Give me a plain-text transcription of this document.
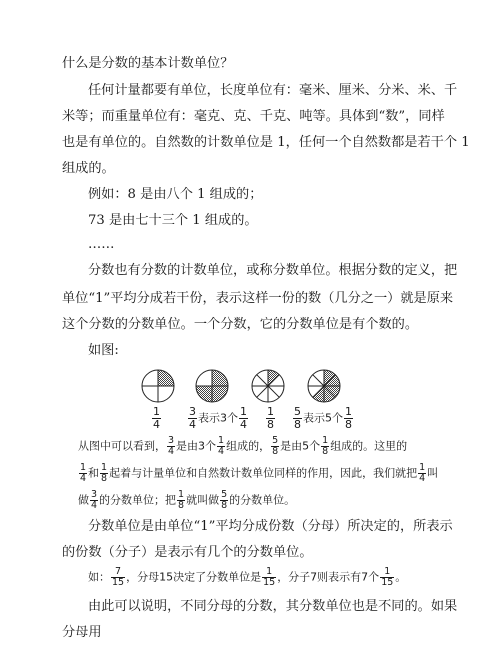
什么是分数的基本计数单位？
任何计量都要有单位，长度单位有：毫米、厘米、分米、米、千
米等；而重量单位有：毫克、克、千克、吨等。具体到“数”，同样
也是有单位的。自然数的计数单位是 1，任何一个自然数都是若干个 1
组成的。
例如：8 是由八个 1 组成的；
73 是由七十三个 1 组成的。
……
分数也有分数的计数单位，或称分数单位。根据分数的定义，把
单位“1”平均分成若干份，表示这样一份的数（几分之一）就是原来
这个分数的分数单位。一个分数，它的分数单位是有个数的。
如图:
$\frac{1}{4} \frac{3}{4}$ 表示3个 $\frac{1}{4} \frac{1}{8} \frac{5}{8}$ 表示5个 $\frac{1}{8}$
从图中可以看到， $\frac{3}{4}$ 是由3个 $\frac{1}{4}$ 组成的， $\frac{5}{8}$ 是由5个 $\frac{1}{8}$ 组成的。这里的
$\frac{1}{4}$ 和 $\frac{1}{8}$ 起着与计量单位和自然数计数单位同样的作用，因此，我们就把 $\frac{1}{4}$ 叫
做 $\frac{3}{4}$ 的分数单位；把 $\frac{1}{8}$ 就叫做 $\frac{5}{8}$ 的分数单位。
分数单位是由单位“1”平均分成份数（分母）所决定的，所表示
的份数（分子）是表示有几个的分数单位。
如： $\frac{7}{15}$ ，分母15决定了分数单位是 $\frac{1}{15}$ ，分子7则表示有7个 $\frac{1}{15}$ 。
由此可以说明，不同分母的分数，其分数单位也是不同的。如果
分母用
